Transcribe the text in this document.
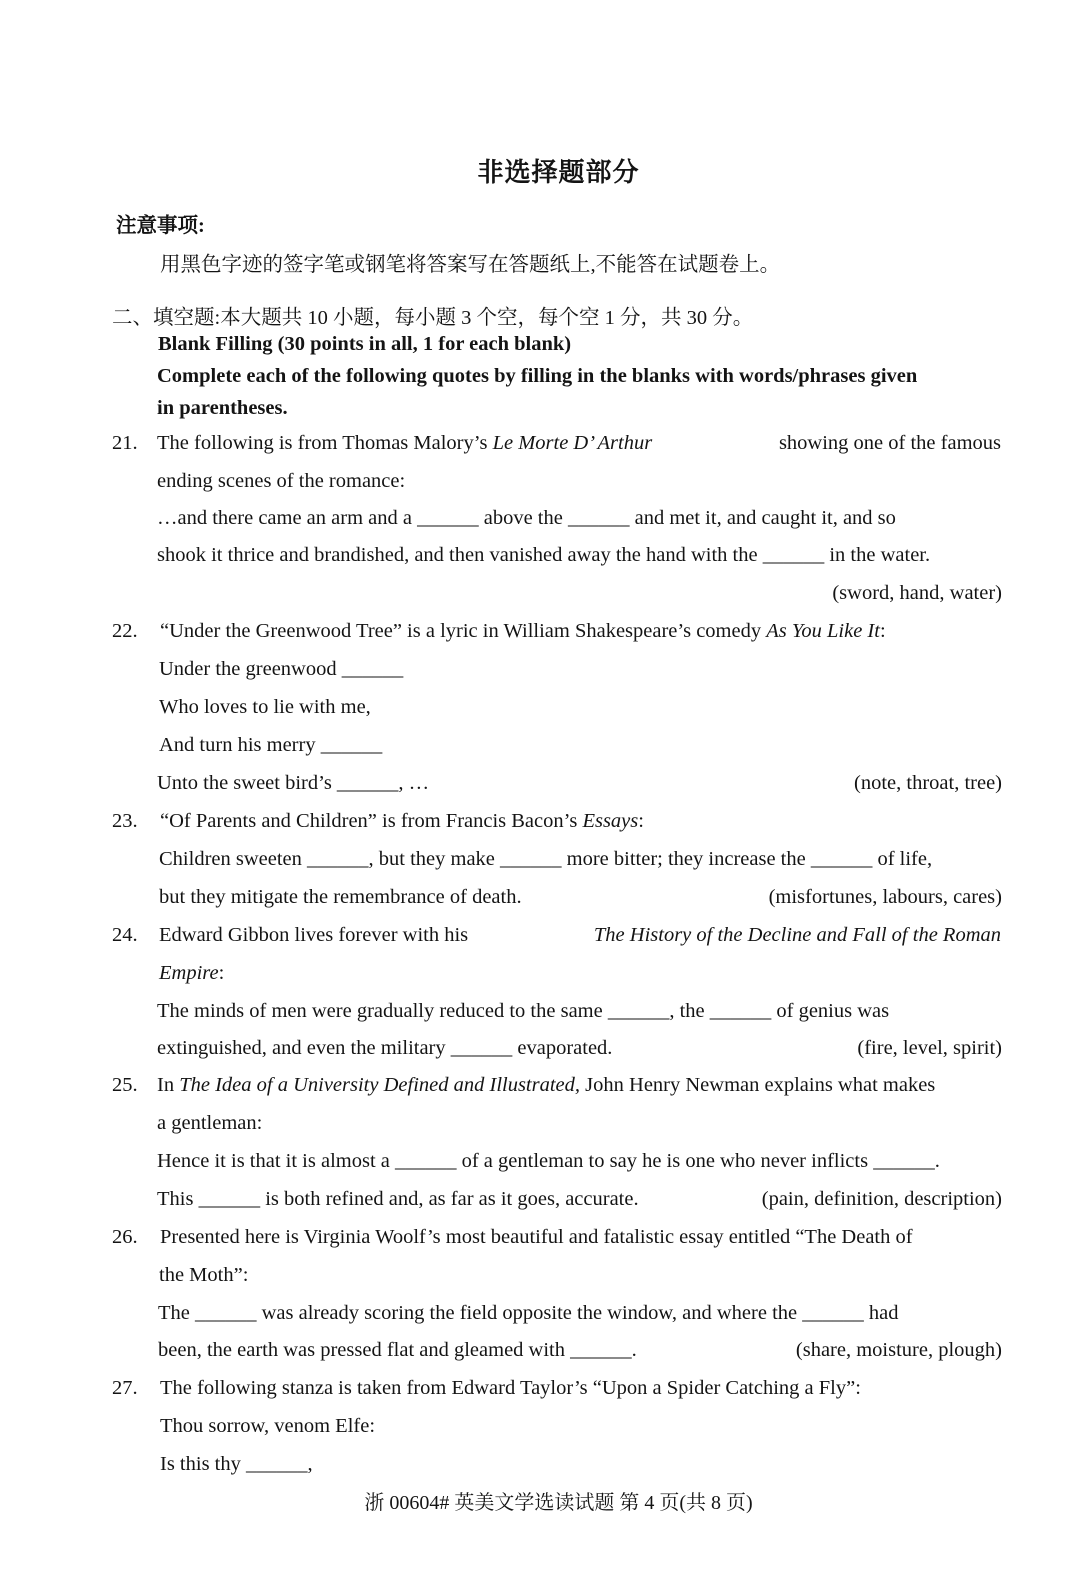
非选择题部分
注意事项:
用黑色字迹的签字笔或钢笔将答案写在答题纸上,不能答在试题卷上。
二、填空题:本大题共 10 小题，每小题 3 个空，每个空 1 分，共 30 分。
Blank Filling (30 points in all, 1 for each blank)
Complete each of the following quotes by filling in the blanks with words/phrases given
in parentheses.
21. The following is from Thomas Malory’s Le Morte D’ Arthur	showing one of the famous
ending scenes of the romance:
…and there came an arm and a ______ above the ______ and met it, and caught it, and so
shook it thrice and brandished, and then vanished away the hand with the ______ in the water.
(sword, hand, water)
22. “Under the Greenwood Tree” is a lyric in William Shakespeare’s comedy As You Like It:
Under the greenwood ______
Who loves to lie with me,
And turn his merry ______
Unto the sweet bird’s ______, …	(note, throat, tree)
23. “Of Parents and Children” is from Francis Bacon’s Essays:
Children sweeten ______, but they make ______ more bitter; they increase the ______ of life,
but they mitigate the remembrance of death.	(misfortunes, labours, cares)
24. Edward Gibbon lives forever with his	The History of the Decline and Fall of the Roman
Empire:
The minds of men were gradually reduced to the same ______, the ______ of genius was
extinguished, and even the military ______ evaporated.	(fire, level, spirit)
25. In The Idea of a University Defined and Illustrated, John Henry Newman explains what makes
a gentleman:
Hence it is that it is almost a ______ of a gentleman to say he is one who never inflicts ______.
This ______ is both refined and, as far as it goes, accurate.	(pain, definition, description)
26. Presented here is Virginia Woolf’s most beautiful and fatalistic essay entitled “The Death of
the Moth”:
The ______ was already scoring the field opposite the window, and where the ______ had
been, the earth was pressed flat and gleamed with ______.	(share, moisture, plough)
27. The following stanza is taken from Edward Taylor’s “Upon a Spider Catching a Fly”:
Thou sorrow, venom Elfe:
Is this thy ______,
浙 00604# 英美文学选读试题 第 4 页(共 8 页)
